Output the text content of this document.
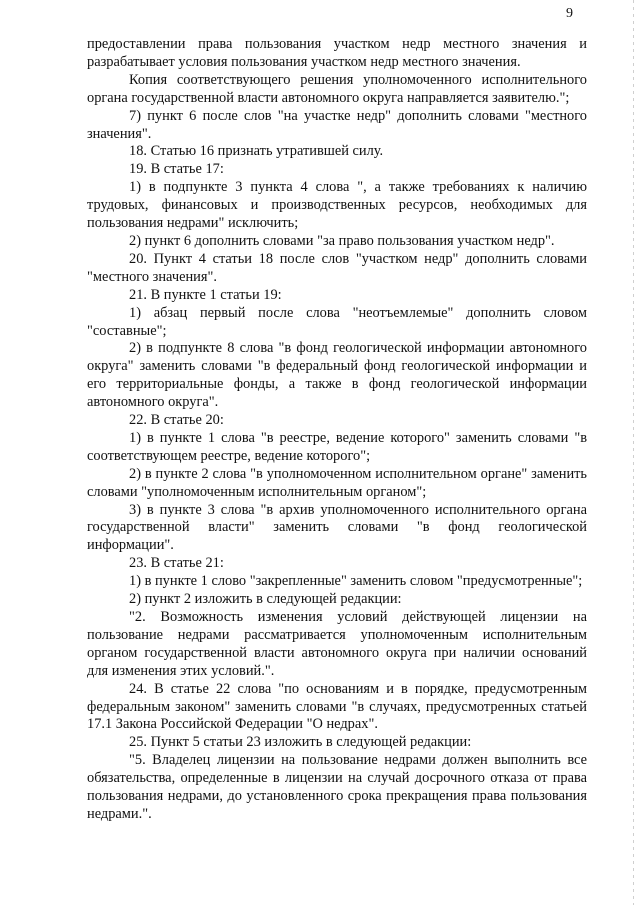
9

предоставлении права пользования участком недр местного значения и разрабатывает условия пользования участком недр местного значения.

Копия соответствующего решения уполномоченного исполнительного органа государственной власти автономного округа направляется заявителю.";

7) пункт 6 после слов "на участке недр" дополнить словами "местного значения".

18. Статью 16 признать утратившей силу.

19. В статье 17:

1) в подпункте 3 пункта 4 слова ", а также требованиях к наличию трудовых, финансовых и производственных ресурсов, необходимых для пользования недрами" исключить;

2) пункт 6 дополнить словами "за право пользования участком недр".

20. Пункт 4 статьи 18 после слов "участком недр" дополнить словами "местного значения".

21. В пункте 1 статьи 19:

1) абзац первый после слова "неотъемлемые" дополнить словом "составные";

2) в подпункте 8 слова "в фонд геологической информации автономного округа" заменить словами "в федеральный фонд геологической информации и его территориальные фонды, а также в фонд геологической информации автономного округа".

22. В статье 20:

1) в пункте 1 слова "в реестре, ведение которого" заменить словами "в соответствующем реестре, ведение которого";

2) в пункте 2 слова "в уполномоченном исполнительном органе" заменить словами "уполномоченным исполнительным органом";

3) в пункте 3 слова "в архив уполномоченного исполнительного органа государственной власти" заменить словами "в фонд геологической информации".

23. В статье 21:

1) в пункте 1 слово "закрепленные" заменить словом "предусмотренные";

2) пункт 2 изложить в следующей редакции:

"2. Возможность изменения условий действующей лицензии на пользование недрами рассматривается уполномоченным исполнительным органом государственной власти автономного округа при наличии оснований для изменения этих условий.".

24. В статье 22 слова "по основаниям и в порядке, предусмотренным федеральным законом" заменить словами "в случаях, предусмотренных статьей 17.1 Закона Российской Федерации "О недрах".

25. Пункт 5 статьи 23 изложить в следующей редакции:

"5. Владелец лицензии на пользование недрами должен выполнить все обязательства, определенные в лицензии на случай досрочного отказа от права пользования недрами, до установленного срока прекращения права пользования недрами.".
